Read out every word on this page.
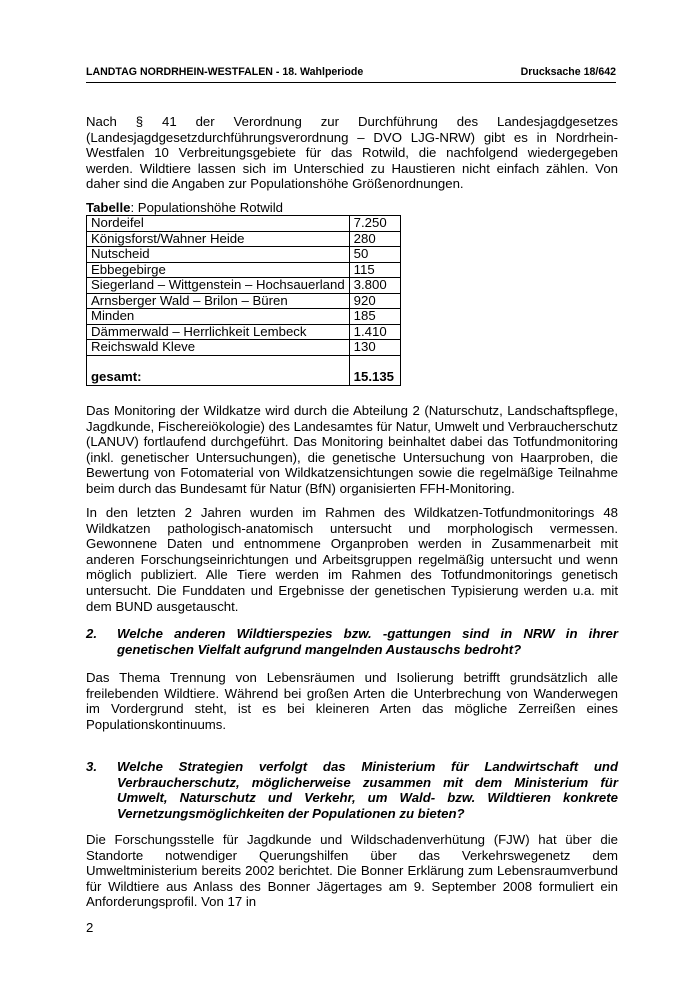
LANDTAG NORDRHEIN-WESTFALEN - 18. Wahlperiode	Drucksache 18/642

Nach § 41 der Verordnung zur Durchführung des Landesjagdgesetzes (Landesjagdgesetzdurchführungsverordnung – DVO LJG-NRW) gibt es in Nordrhein-Westfalen 10 Verbreitungsgebiete für das Rotwild, die nachfolgend wiedergegeben werden. Wildtiere lassen sich im Unterschied zu Haustieren nicht einfach zählen. Von daher sind die Angaben zur Populationshöhe Größenordnungen.

Tabelle: Populationshöhe Rotwild
Nordeifel	7.250
Königsforst/Wahner Heide	280
Nutscheid	50
Ebbegebirge	115
Siegerland – Wittgenstein – Hochsauerland	3.800
Arnsberger Wald – Brilon – Büren	920
Minden	185
Dämmerwald – Herrlichkeit Lembeck	1.410
Reichswald Kleve	130
gesamt:	15.135

Das Monitoring der Wildkatze wird durch die Abteilung 2 (Naturschutz, Landschaftspflege, Jagdkunde, Fischereiökologie) des Landesamtes für Natur, Umwelt und Verbraucherschutz (LANUV) fortlaufend durchgeführt. Das Monitoring beinhaltet dabei das Totfundmonitoring (inkl. genetischer Untersuchungen), die genetische Untersuchung von Haarproben, die Bewertung von Fotomaterial von Wildkatzensichtungen sowie die regelmäßige Teilnahme beim durch das Bundesamt für Natur (BfN) organisierten FFH-Monitoring.

In den letzten 2 Jahren wurden im Rahmen des Wildkatzen-Totfundmonitorings 48 Wildkatzen pathologisch-anatomisch untersucht und morphologisch vermessen. Gewonnene Daten und entnommene Organproben werden in Zusammenarbeit mit anderen Forschungseinrichtungen und Arbeitsgruppen regelmäßig untersucht und wenn möglich publiziert. Alle Tiere werden im Rahmen des Totfundmonitorings genetisch untersucht. Die Funddaten und Ergebnisse der genetischen Typisierung werden u.a. mit dem BUND ausgetauscht.

2.	Welche anderen Wildtierspezies bzw. -gattungen sind in NRW in ihrer genetischen Vielfalt aufgrund mangelnden Austauschs bedroht?

Das Thema Trennung von Lebensräumen und Isolierung betrifft grundsätzlich alle freilebenden Wildtiere. Während bei großen Arten die Unterbrechung von Wanderwegen im Vordergrund steht, ist es bei kleineren Arten das mögliche Zerreißen eines Populationskontinuums.

3.	Welche Strategien verfolgt das Ministerium für Landwirtschaft und Verbraucherschutz, möglicherweise zusammen mit dem Ministerium für Umwelt, Naturschutz und Verkehr, um Wald- bzw. Wildtieren konkrete Vernetzungsmöglichkeiten der Populationen zu bieten?

Die Forschungsstelle für Jagdkunde und Wildschadenverhütung (FJW) hat über die Standorte notwendiger Querungshilfen über das Verkehrswegenetz dem Umweltministerium bereits 2002 berichtet. Die Bonner Erklärung zum Lebensraumverbund für Wildtiere aus Anlass des Bonner Jägertages am 9. September 2008 formuliert ein Anforderungsprofil. Von 17 in

2
